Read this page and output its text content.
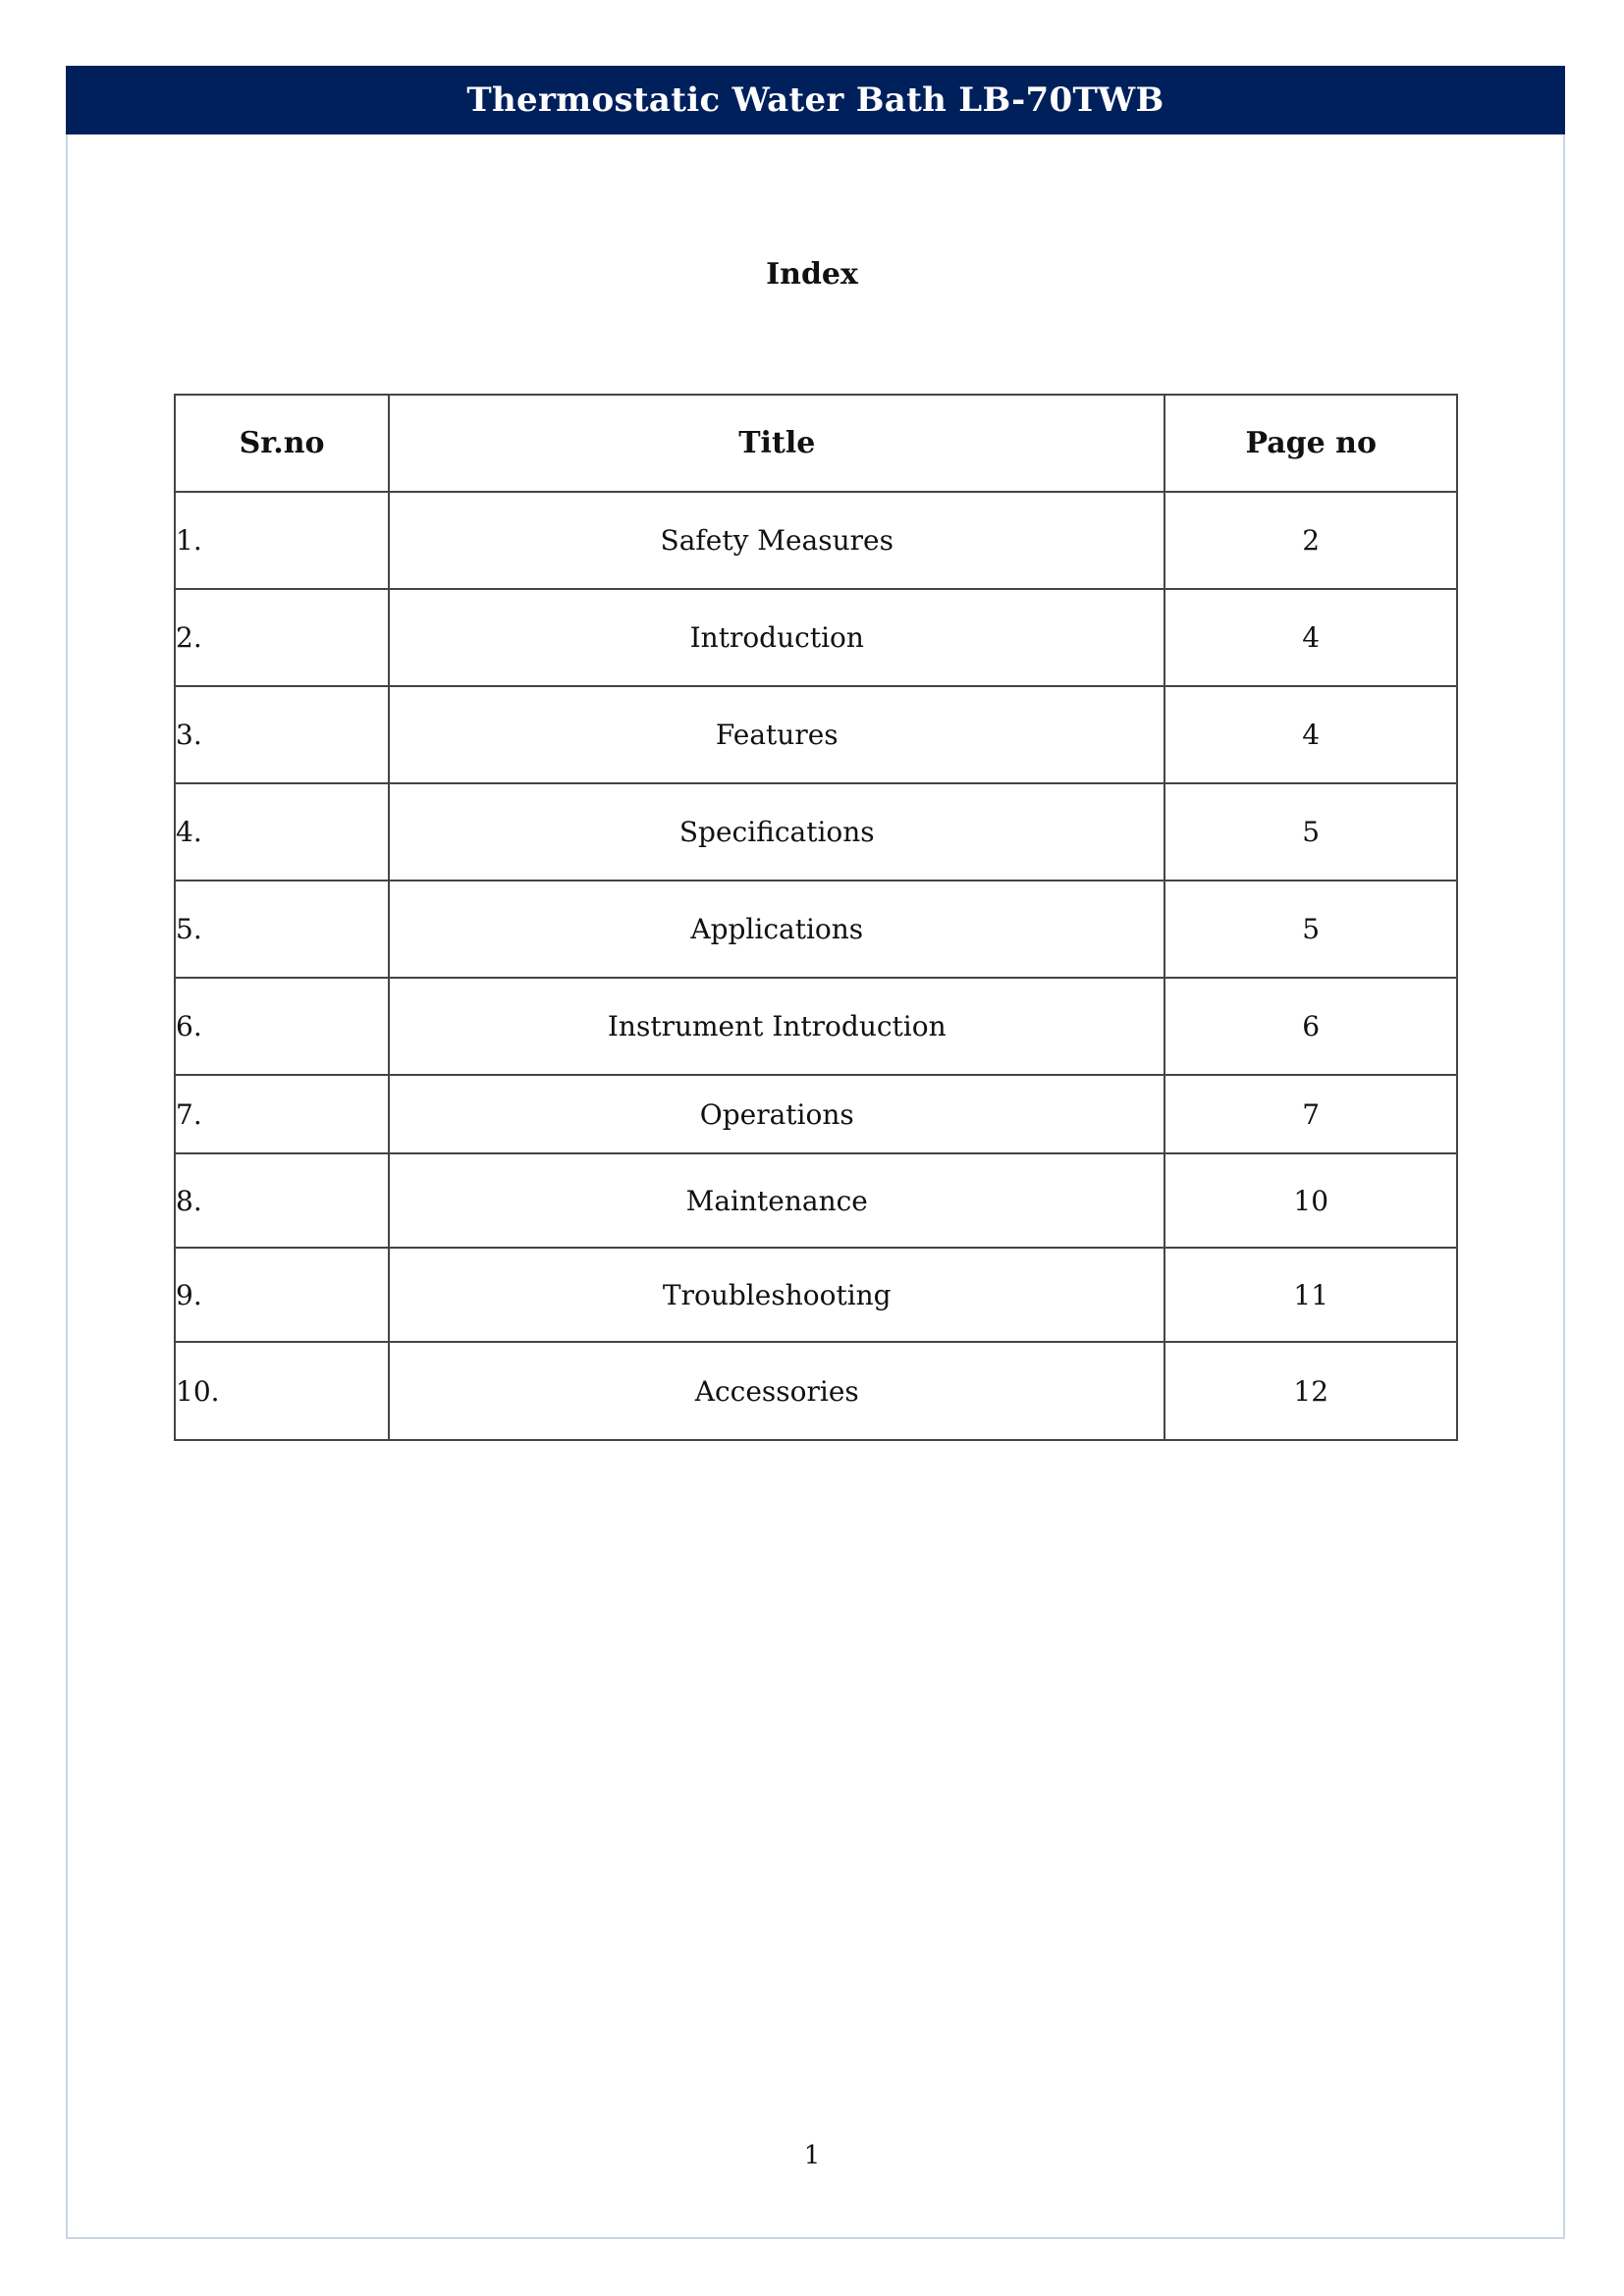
Thermostatic Water Bath LB-70TWB
Index
Sr.no	Title	Page no
1.	Safety Measures	2
2.	Introduction	4
3.	Features	4
4.	Specifications	5
5.	Applications	5
6.	Instrument Introduction	6
7.	Operations	7
8.	Maintenance	10
9.	Troubleshooting	11
10.	Accessories	12
1
